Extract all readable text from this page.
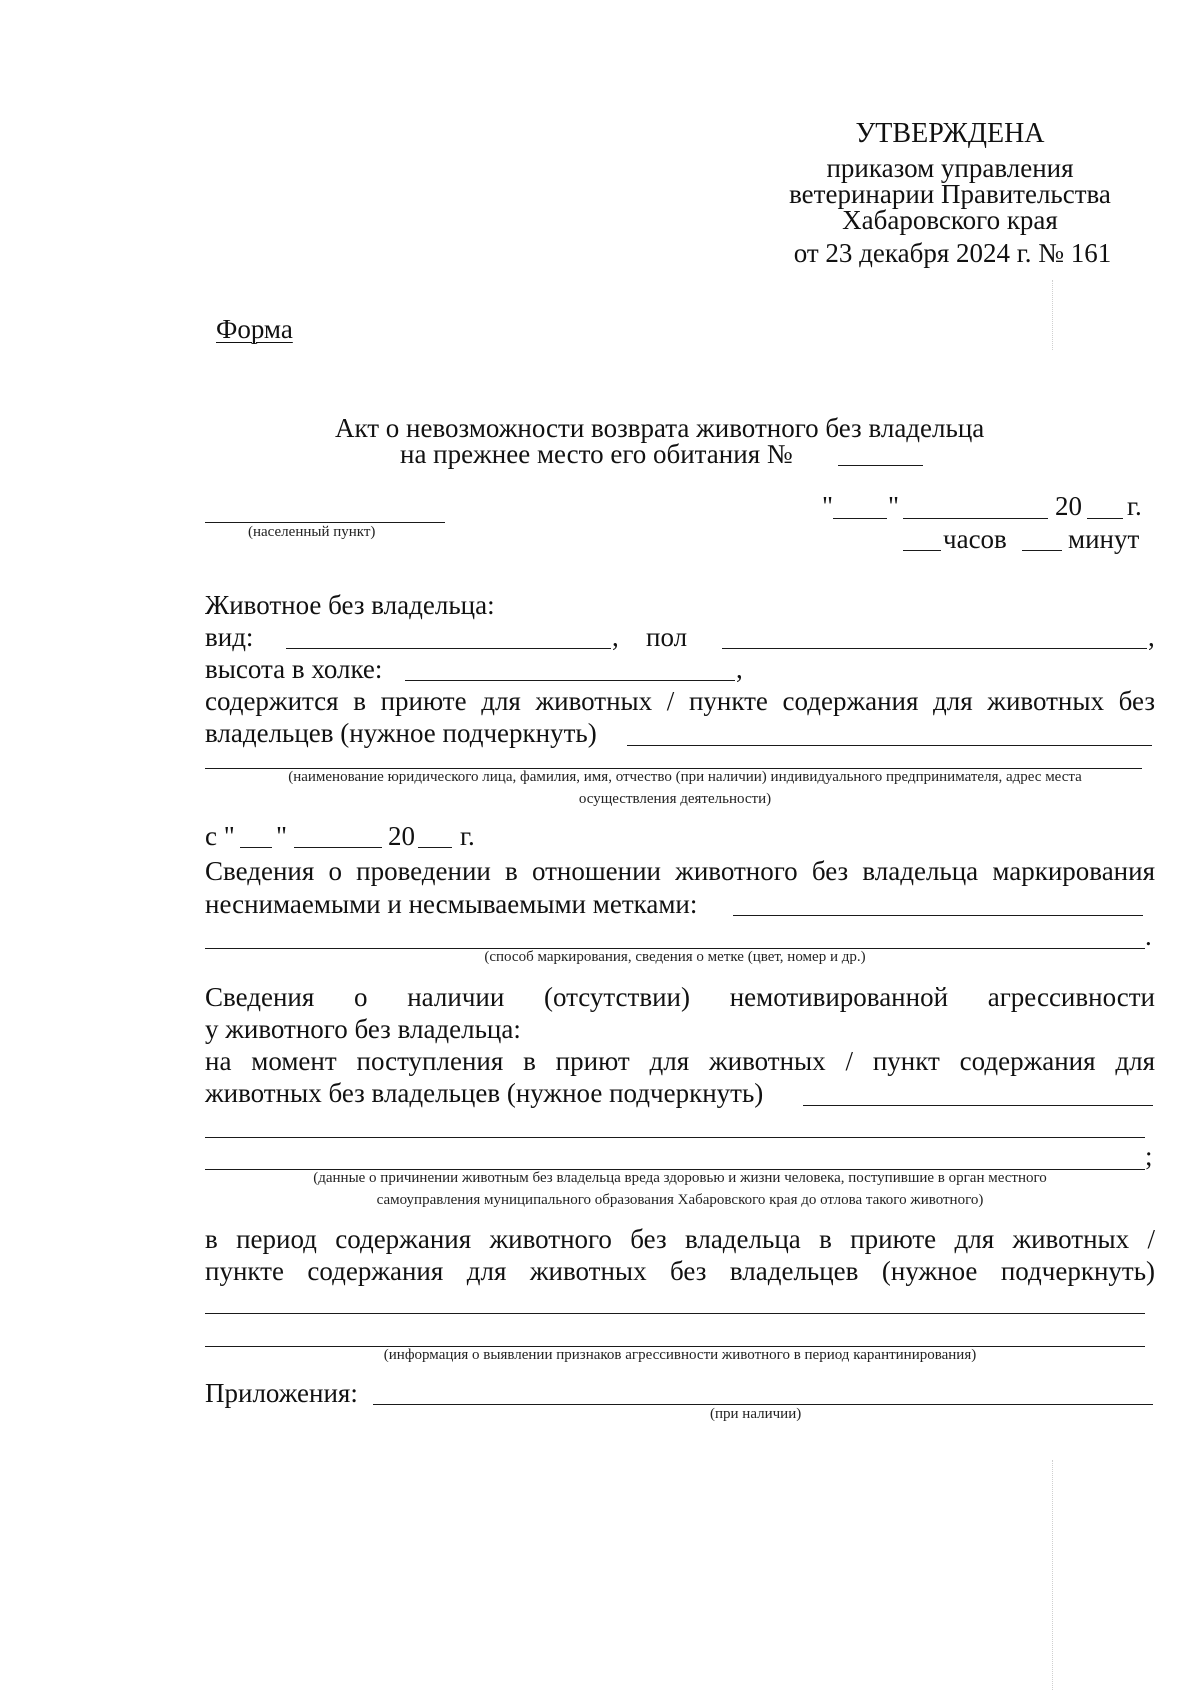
УТВЕРЖДЕНА
приказом управления
ветеринарии Правительства
Хабаровского края
от 23 декабря 2024 г. № 161
Форма
Акт о невозможности возврата животного без владельца
на прежнее место его обитания №
(населенный пункт)
" "	20 г.
часов минут
Животное без владельца:
вид:	, пол	,
высота в холке:	,
содержится в приюте для животных / пункте содержания для животных без
владельцев (нужное подчеркнуть)
(наименование юридического лица, фамилия, имя, отчество (при наличии) индивидуального предпринимателя, адрес места
осуществления деятельности)
с " "	20 г.
Сведения о проведении в отношении животного без владельца маркирования
неснимаемыми и несмываемыми метками:
.
(способ маркирования, сведения о метке (цвет, номер и др.)
Сведения о наличии (отсутствии) немотивированной агрессивности
у животного без владельца:
на момент поступления в приют для животных / пункт содержания для
животных без владельцев (нужное подчеркнуть)
;
(данные о причинении животным без владельца вреда здоровью и жизни человека, поступившие в орган местного
самоуправления муниципального образования Хабаровского края до отлова такого животного)
в период содержания животного без владельца в приюте для животных /
пункте содержания для животных без владельцев (нужное подчеркнуть)
(информация о выявлении признаков агрессивности животного в период карантинирования)
Приложения:
(при наличии)
